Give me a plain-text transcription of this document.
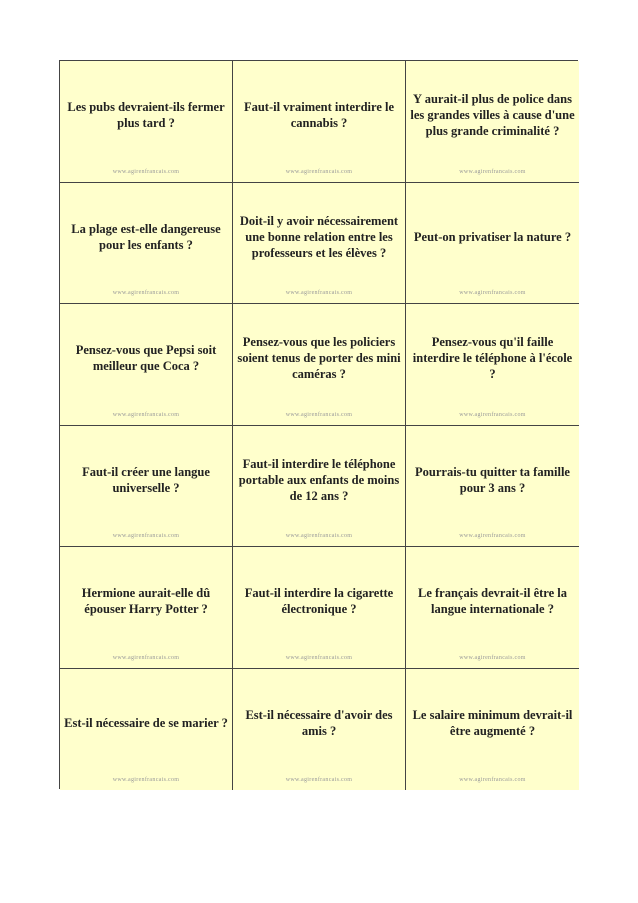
Les pubs devraient-ils fermer plus tard ?
www.agirenfrancais.com
Faut-il vraiment interdire le cannabis ?
www.agirenfrancais.com
Y aurait-il plus de police dans les grandes villes à cause d'une plus grande criminalité ?
www.agirenfrancais.com
La plage est-elle dangereuse pour les enfants ?
www.agirenfrancais.com
Doit-il y avoir nécessairement une bonne relation entre les professeurs et les élèves ?
www.agirenfrancais.com
Peut-on privatiser la nature ?
www.agirenfrancais.com
Pensez-vous que Pepsi soit meilleur que Coca ?
www.agirenfrancais.com
Pensez-vous que les policiers soient tenus de porter des mini caméras ?
www.agirenfrancais.com
Pensez-vous qu'il faille interdire le téléphone à l'école ?
www.agirenfrancais.com
Faut-il créer une langue universelle ?
www.agirenfrancais.com
Faut-il interdire le téléphone portable aux enfants de moins de 12 ans ?
www.agirenfrancais.com
Pourrais-tu quitter ta famille pour 3 ans ?
www.agirenfrancais.com
Hermione aurait-elle dû épouser Harry Potter ?
www.agirenfrancais.com
Faut-il interdire la cigarette électronique ?
www.agirenfrancais.com
Le français devrait-il être la langue internationale ?
www.agirenfrancais.com
Est-il nécessaire de se marier ?
www.agirenfrancais.com
Est-il nécessaire d'avoir des amis ?
www.agirenfrancais.com
Le salaire minimum devrait-il être augmenté ?
www.agirenfrancais.com
